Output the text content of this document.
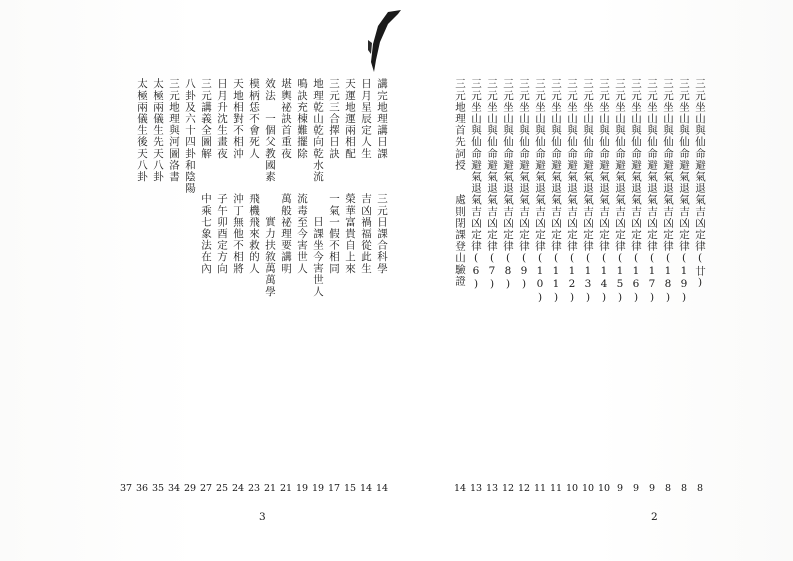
三元坐山與仙命避氣退氣吉凶定律(廿)
8
三元坐山與仙命避氣退氣吉凶定律(19)
8
三元坐山與仙命避氣退氣吉凶定律(18)
8
三元坐山與仙命避氣退氣吉凶定律(17)
9
三元坐山與仙命避氣退氣吉凶定律(16)
9
三元坐山與仙命避氣退氣吉凶定律(15)
9
三元坐山與仙命避氣退氣吉凶定律(14)
10
三元坐山與仙命避氣退氣吉凶定律(13)
10
三元坐山與仙命避氣退氣吉凶定律(12)
10
三元坐山與仙命避氣退氣吉凶定律(11)
11
三元坐山與仙命避氣退氣吉凶定律(10)
11
三元坐山與仙命避氣退氣吉凶定律(9)
12
三元坐山與仙命避氣退氣吉凶定律(8)
12
三元坐山與仙命避氣退氣吉凶定律(7)
13
三元坐山與仙命避氣退氣吉凶定律(6)
13
三元地理首先詞授　　處則閉課登山驗證
14
講完地理講日課
三元日課合科學
14
日月星辰定人生
吉凶禍福從此生
14
天運地運兩相配
榮華富貴自上來
15
三元三合擇日訣
一氣一假不相同
17
地理乾山乾向乾水流
日課坐今害世人
19
鳴訣充棟難擺除
流毒至今害世人
19
堪輿祕訣首重夜
萬般祕理要講明
21
效法　一個父教國素
實力扶敘萬萬學
21
模柄恁不會死人
飛機飛來救的人
23
天地相對不相沖
沖丁無他不相將
24
日月升沈生畫夜
子午卯酉定方向
25
三元講義全圖解
中乘七象法在內
27
八卦及六十四卦和陰陽
29
三元地理與河圖洛書
34
太極兩儀生先天八卦
35
太極兩儀生後天八卦
36
37
3	2
